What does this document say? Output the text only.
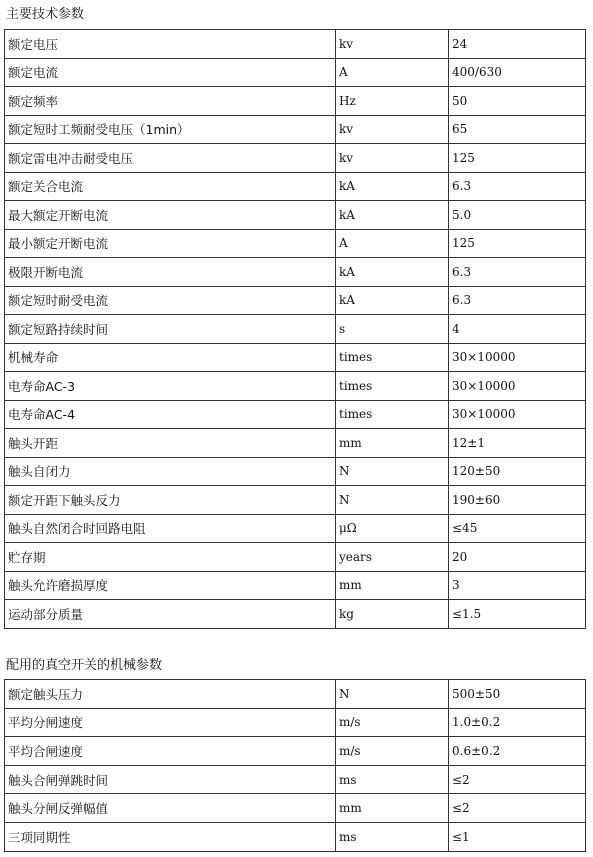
主要技术参数
额定电压	kv	24
额定电流	A	400/630
额定频率	Hz	50
额定短时工频耐受电压（1min）	kv	65
额定雷电冲击耐受电压	kv	125
额定关合电流	kA	6.3
最大额定开断电流	kA	5.0
最小额定开断电流	A	125
极限开断电流	kA	6.3
额定短时耐受电流	kA	6.3
额定短路持续时间	s	4
机械寿命	times	30×10000
电寿命AC-3	times	30×10000
电寿命AC-4	times	30×10000
触头开距	mm	12±1
触头自闭力	N	120±50
额定开距下触头反力	N	190±60
触头自然闭合时回路电阻	μΩ	≤45
贮存期	years	20
触头允许磨损厚度	mm	3
运动部分质量	kg	≤1.5
配用的真空开关的机械参数
额定触头压力	N	500±50
平均分闸速度	m/s	1.0±0.2
平均合闸速度	m/s	0.6±0.2
触头合闸弹跳时间	ms	≤2
触头分闸反弹幅值	mm	≤2
三项同期性	ms	≤1
